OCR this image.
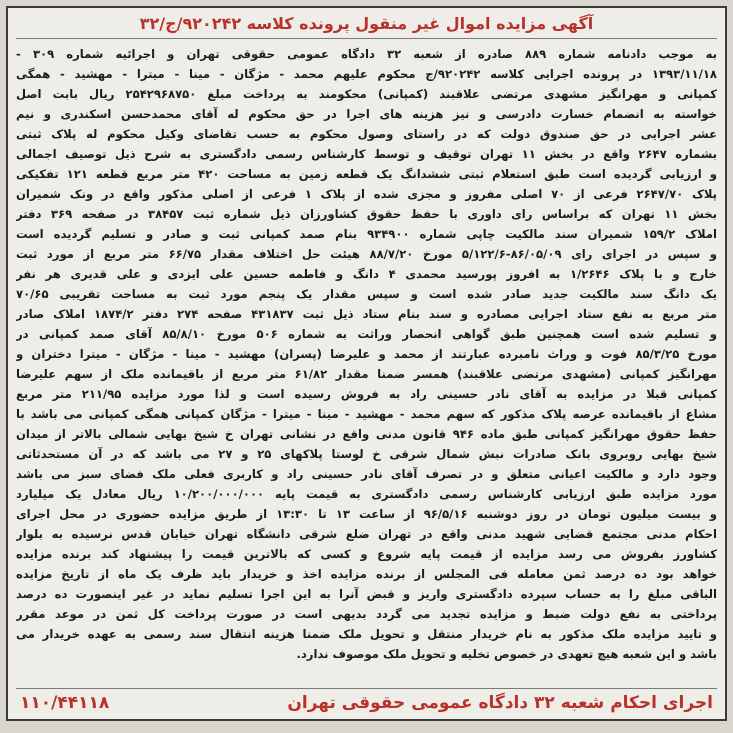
آگهی مزایده اموال غیر منقول پرونده کلاسه ۹۲۰۲۴۲/ج/۳۲
به موجب دادنامه شماره ۸۸۹ صادره از شعبه ۳۲ دادگاه عمومی حقوقی تهران و اجرائیه شماره ۳۰۹ -
۱۳۹۳/۱۱/۱۸ در پرونده اجرایی کلاسه ۹۲۰۲۴۲/ج محکوم علیهم محمد - مژگان - مینا - میترا - مهشید - همگی
کمپانی و مهرانگیز مشهدی مرتضی علاقبند (کمپانی) محکومند به پرداخت مبلغ ۲۵۴۲۹۶۸۷۵۰ ریال بابت اصل
خواسته به انضمام خسارت دادرسی و نیز هزینه های اجرا در حق محکوم له آقای محمدحسن اسکندری و نیم
عشر اجرایی در حق صندوق دولت که در راستای وصول محکوم به حسب تقاضای وکیل محکوم له پلاک ثبتی
بشماره ۲۶۴۷ واقع در بخش ۱۱ تهران توقیف و توسط کارشناس رسمی دادگستری به شرح ذیل توصیف اجمالی
و ارزیابی گردیده است طبق استعلام ثبتی ششدانگ یک قطعه زمین به مساحت ۴۲۰ متر مربع قطعه ۱۲۱ تفکیکی
پلاک ۲۶۴۷/۷۰ فرعی از ۷۰ اصلی مفروز و مجزی شده از پلاک ۱ فرعی از اصلی مذکور واقع در ونک شمیران
بخش ۱۱ تهران که براساس رای داوری با حفظ حقوق کشاورزان ذیل شماره ثبت ۳۸۴۵۷ در صفحه ۳۶۹ دفتر
املاک ۱۵۹/۲ شمیران سند مالکیت چاپی شماره ۹۳۴۹۰۰ بنام صمد کمپانی ثبت و صادر و تسلیم گردیده است
و سپس در اجرای رای ۸۶/۰۵/۰۹-۵/۱۲۲/۶ مورخ ۸۸/۷/۲۰ هیئت حل اختلاف مقدار ۶۶/۷۵ متر مربع از مورد ثبت
خارج و با پلاک ۱/۲۶۴۶ به افروز پورسید محمدی ۴ دانگ و فاطمه حسین علی ایزدی و علی قدیری هر نفر
یک دانگ سند مالکیت جدید صادر شده است و سپس مقدار یک پنجم مورد ثبت به مساحت تقریبی ۷۰/۶۵
متر مربع به نفع ستاد اجرایی مصادره و سند بنام ستاد ذیل ثبت ۴۳۱۸۳۷ صفحه ۲۷۴ دفتر ۱۸۷۴/۲ املاک صادر
و تسلیم شده است همچنین طبق گواهی انحصار وراثت به شماره ۵۰۶ مورخ ۸۵/۸/۱۰ آقای صمد کمپانی در
مورخ ۸۵/۳/۲۵ فوت و وراث نامبرده عبارتند از محمد و علیرضا (پسران) مهشید - مینا - مژگان - میترا دختران و
مهرانگیز کمپانی (مشهدی مرتضی علاقبند) همسر ضمنا مقدار ۶۱/۸۲ متر مربع از باقیمانده ملک از سهم علیرضا
کمپانی قبلا در مزایده به آقای نادر حسینی راد به فروش رسیده است و لذا مورد مزایده ۲۱۱/۹۵ متر مربع
مشاع از باقیمانده عرصه پلاک مذکور که سهم محمد - مهشید - مینا - میترا - مژگان کمپانی همگی کمپانی می باشد با
حفظ حقوق مهرانگیز کمپانی طبق ماده ۹۴۶ قانون مدنی واقع در نشانی تهران خ شیخ بهایی شمالی بالاتر از میدان
شیخ بهایی روبروی بانک صادرات نبش شمال شرقی خ لوستا پلاکهای ۲۵ و ۲۷ می باشد که در آن مستحدثاتی
وجود دارد و مالکیت اعیانی متعلق و در تصرف آقای نادر حسینی راد و کاربری فعلی ملک فضای سبز می باشد
مورد مزایده طبق ارزیابی کارشناس رسمی دادگستری به قیمت پایه ۱۰/۲۰۰/۰۰۰/۰۰۰ ریال معادل یک میلیارد
و بیست میلیون تومان در روز دوشنبه ۹۶/۵/۱۶ از ساعت ۱۳ تا ۱۳:۳۰ از طریق مزایده حضوری در محل اجرای
احکام مدنی مجتمع قضایی شهید مدنی واقع در تهران ضلع شرقی دانشگاه تهران خیابان قدس نرسیده به بلوار
کشاورز بفروش می رسد مزایده از قیمت پایه شروع و کسی که بالاترین قیمت را پیشنهاد کند برنده مزایده
خواهد بود ده درصد ثمن معامله فی المجلس از برنده مزایده اخذ و خریدار باید ظرف یک ماه از تاریخ مزایده
الباقی مبلغ را به حساب سپرده دادگستری واریز و قبض آنرا به این اجرا تسلیم نماید در غیر اینصورت ده درصد
پرداختی به نفع دولت ضبط و مزایده تجدید می گردد بدیهی است در صورت پرداخت کل ثمن در موعد مقرر
و تایید مزایده ملک مذکور به نام خریدار منتقل و تحویل ملک ضمنا هزینه انتقال سند رسمی به عهده خریدار می
باشد و این شعبه هیچ تعهدی در خصوص تخلیه و تحویل ملک موصوف ندارد.
اجرای احکام شعبه ۳۲ دادگاه عمومی حقوقی تهران
۱۱۰/۴۴۱۱۸
